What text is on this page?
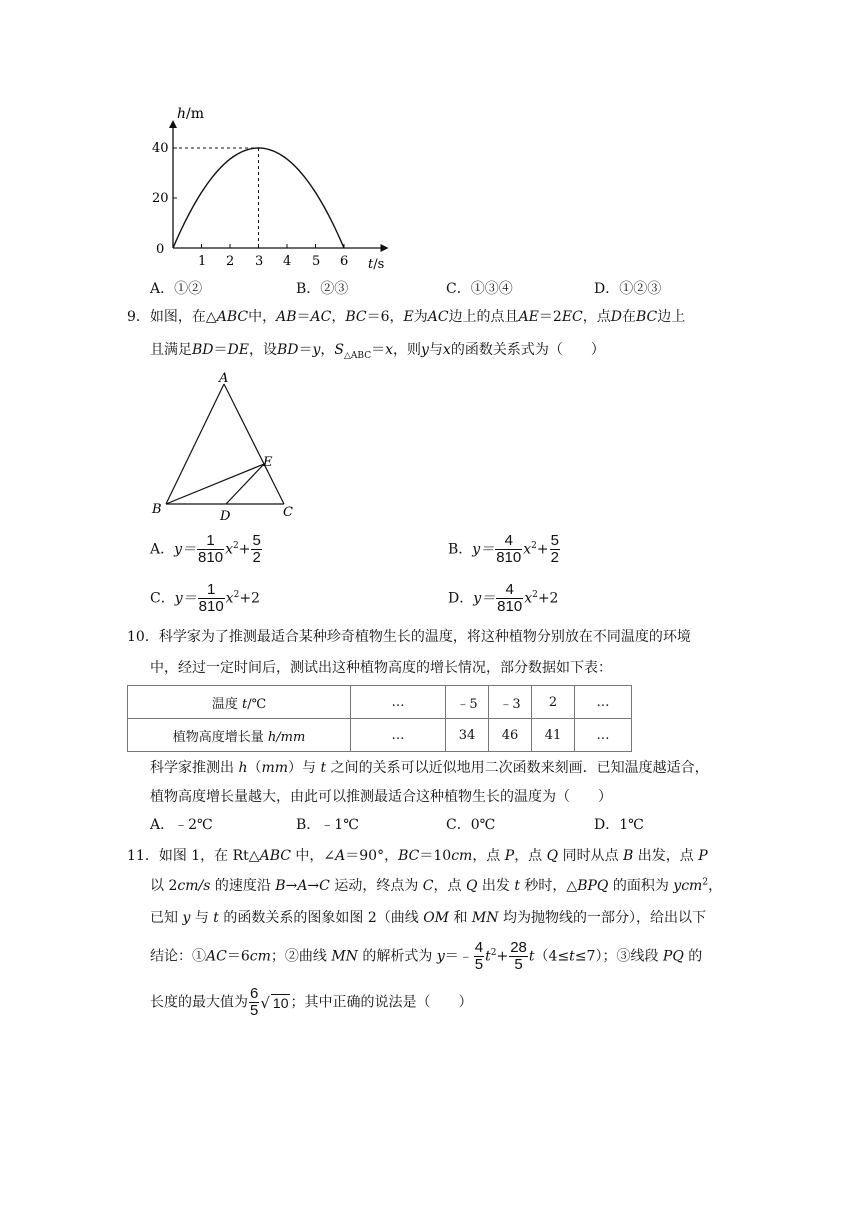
h/m
t/s
40
20
0
1 2 3 4 5 6
A．①②	B．②③	C．①③④	D．①②③
9．如图，在△ABC中，AB＝AC，BC＝6，E为AC边上的点且AE＝2EC，点D在BC边上
且满足BD＝DE，设BD＝y，$S_{\triangle ABC}=x$，则y与x的函数关系式为（　　）
A
B	C
D
E
A．$y= \frac{1}{810} x^2+ \frac{5}{2}$	B．$y= \frac{4}{810} x^2+ \frac{5}{2}$
C．$y= \frac{1}{810} x^2+2$	D．$y= \frac{4}{810} x^2+2$
10．科学家为了推测最适合某种珍奇植物生长的温度，将这种植物分别放在不同温度的环境
中，经过一定时间后，测试出这种植物高度的增长情况，部分数据如下表：
温度 t/℃	…	﹣5	﹣3	2	…
植物高度增长量 h/mm	…	34	46	41	…
科学家推测出 h（mm）与 t 之间的关系可以近似地用二次函数来刻画．已知温度越适合，
植物高度增长量越大，由此可以推测最适合这种植物生长的温度为（　　）
A．﹣2℃	B．﹣1℃	C．0℃	D．1℃
11．如图 1，在 Rt△ABC 中，∠A＝90°，BC＝10cm，点 P，点 Q 同时从点 B 出发，点 P
以 2cm/s 的速度沿 B→A→C 运动，终点为 C，点 Q 出发 t 秒时，△BPQ 的面积为 ycm$^2$，
已知 y 与 t 的函数关系的图象如图 2（曲线 OM 和 MN 均为抛物线的一部分），给出以下
结论：①AC＝6cm；②曲线 MN 的解析式为 y＝﹣ $\frac{4}{5} t^2+ \frac{28}{5} t(4\le t\le 7)$；③线段 PQ 的
长度的最大值为 $\frac{6}{5}$ √ 10 ；其中正确的说法是（　　）
